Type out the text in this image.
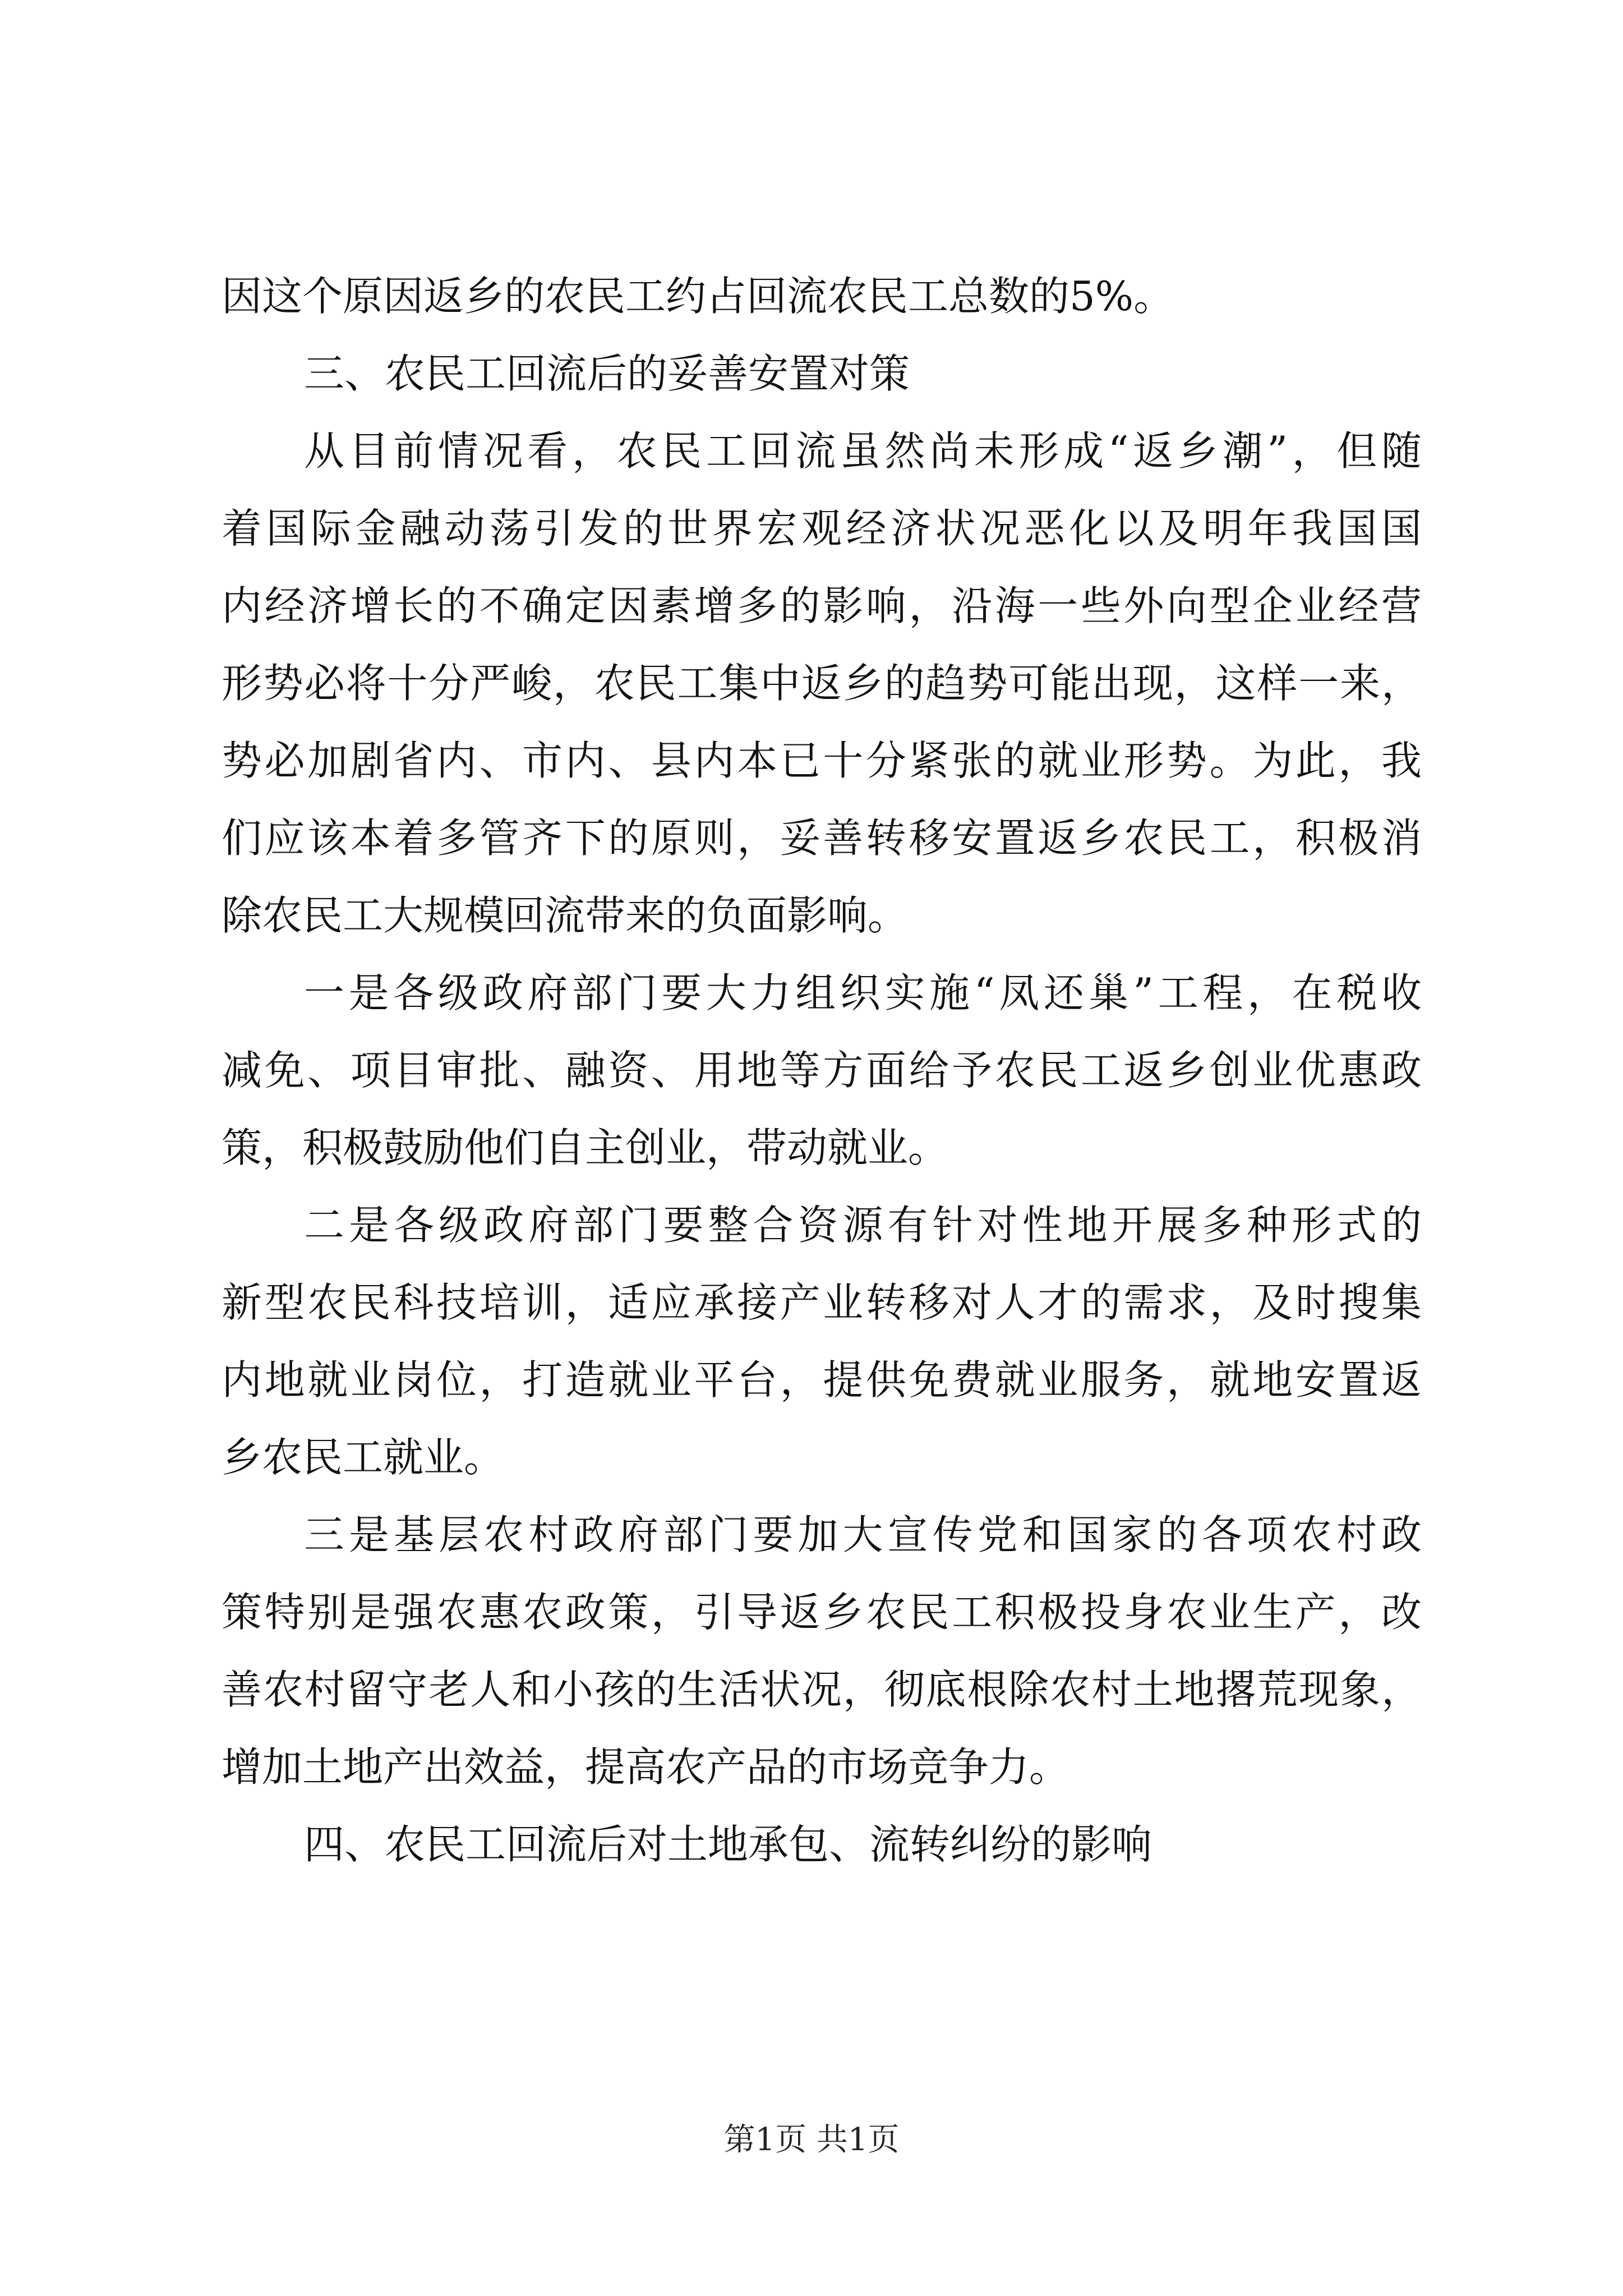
因这个原因返乡的农民工约占回流农民工总数的5%。

三、农民工回流后的妥善安置对策

从目前情况看，农民工回流虽然尚未形成“返乡潮”，但随

着国际金融动荡引发的世界宏观经济状况恶化以及明年我国国

内经济增长的不确定因素增多的影响，沿海一些外向型企业经营

形势必将十分严峻，农民工集中返乡的趋势可能出现，这样一来，

势必加剧省内、市内、县内本已十分紧张的就业形势。为此，我

们应该本着多管齐下的原则，妥善转移安置返乡农民工，积极消

除农民工大规模回流带来的负面影响。

一是各级政府部门要大力组织实施“凤还巢”工程，在税收

减免、项目审批、融资、用地等方面给予农民工返乡创业优惠政

策，积极鼓励他们自主创业，带动就业。

二是各级政府部门要整合资源有针对性地开展多种形式的

新型农民科技培训，适应承接产业转移对人才的需求，及时搜集

内地就业岗位，打造就业平台，提供免费就业服务，就地安置返

乡农民工就业。

三是基层农村政府部门要加大宣传党和国家的各项农村政

策特别是强农惠农政策，引导返乡农民工积极投身农业生产，改

善农村留守老人和小孩的生活状况，彻底根除农村土地撂荒现象，

增加土地产出效益，提高农产品的市场竞争力。

四、农民工回流后对土地承包、流转纠纷的影响

第1页 共1页
